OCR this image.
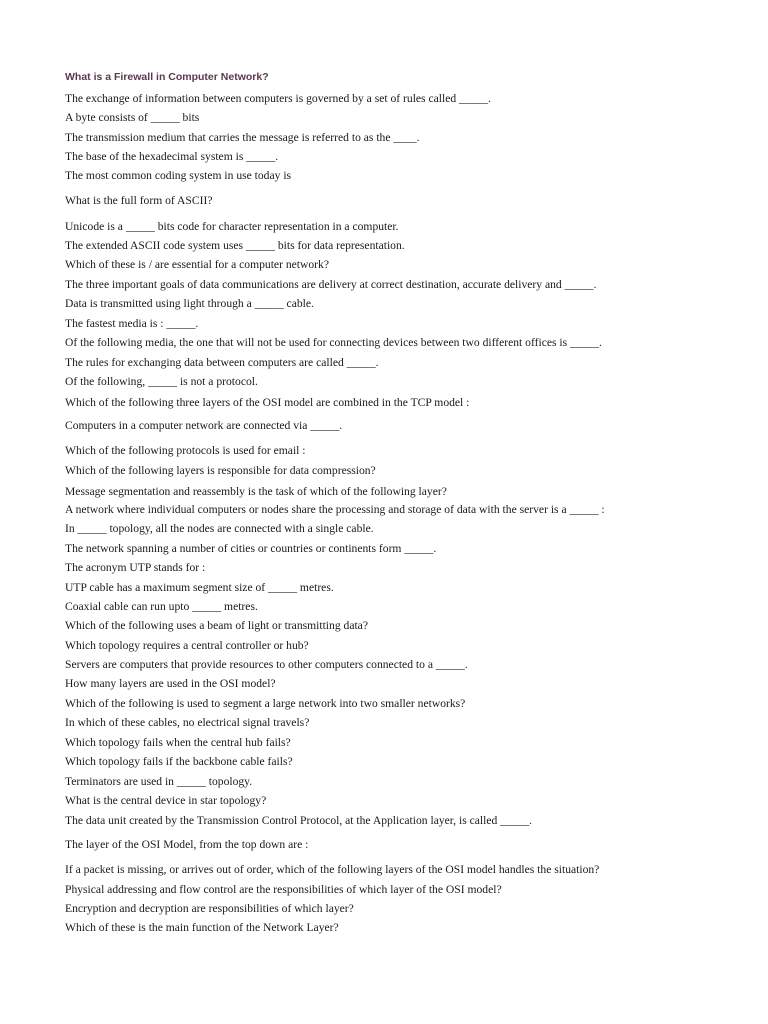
What is a Firewall in Computer Network?
The exchange of information between computers is governed by a set of rules called _____.
A byte consists of _____ bits
The transmission medium that carries the message is referred to as the ____.
The base of the hexadecimal system is _____.
The most common coding system in use today is
What is the full form of ASCII?
Unicode is a _____ bits code for character representation in a computer.
The extended ASCII code system uses _____ bits for data representation.
Which of these is / are essential for a computer network?
The three important goals of data communications are delivery at correct destination, accurate delivery and _____.
Data is transmitted using light through a _____ cable.
The fastest media is : _____.
Of the following media, the one that will not be used for connecting devices between two different offices is _____.
The rules for exchanging data between computers are called _____.
Of the following, _____ is not a protocol.
Which of the following three layers of the OSI model are combined in the TCP model :
Computers in a computer network are connected via _____.
Which of the following protocols is used for email :
Which of the following layers is responsible for data compression?
Message segmentation and reassembly is the task of which of the following layer?
A network where individual computers or nodes share the processing and storage of data with the server is a _____ :
In _____ topology, all the nodes are connected with a single cable.
The network spanning a number of cities or countries or continents form _____.
The acronym UTP stands for :
UTP cable has a maximum segment size of _____ metres.
Coaxial cable can run upto _____ metres.
Which of the following uses a beam of light or transmitting data?
Which topology requires a central controller or hub?
Servers are computers that provide resources to other computers connected to a _____.
How many layers are used in the OSI model?
Which of the following is used to segment a large network into two smaller networks?
In which of these cables, no electrical signal travels?
Which topology fails when the central hub fails?
Which topology fails if the backbone cable fails?
Terminators are used in _____ topology.
What is the central device in star topology?
The data unit created by the Transmission Control Protocol, at the Application layer, is called _____.
The layer of the OSI Model, from the top down are :
If a packet is missing, or arrives out of order, which of the following layers of the OSI model handles the situation?
Physical addressing and flow control are the responsibilities of which layer of the OSI model?
Encryption and decryption are responsibilities of which layer?
Which of these is the main function of the Network Layer?
